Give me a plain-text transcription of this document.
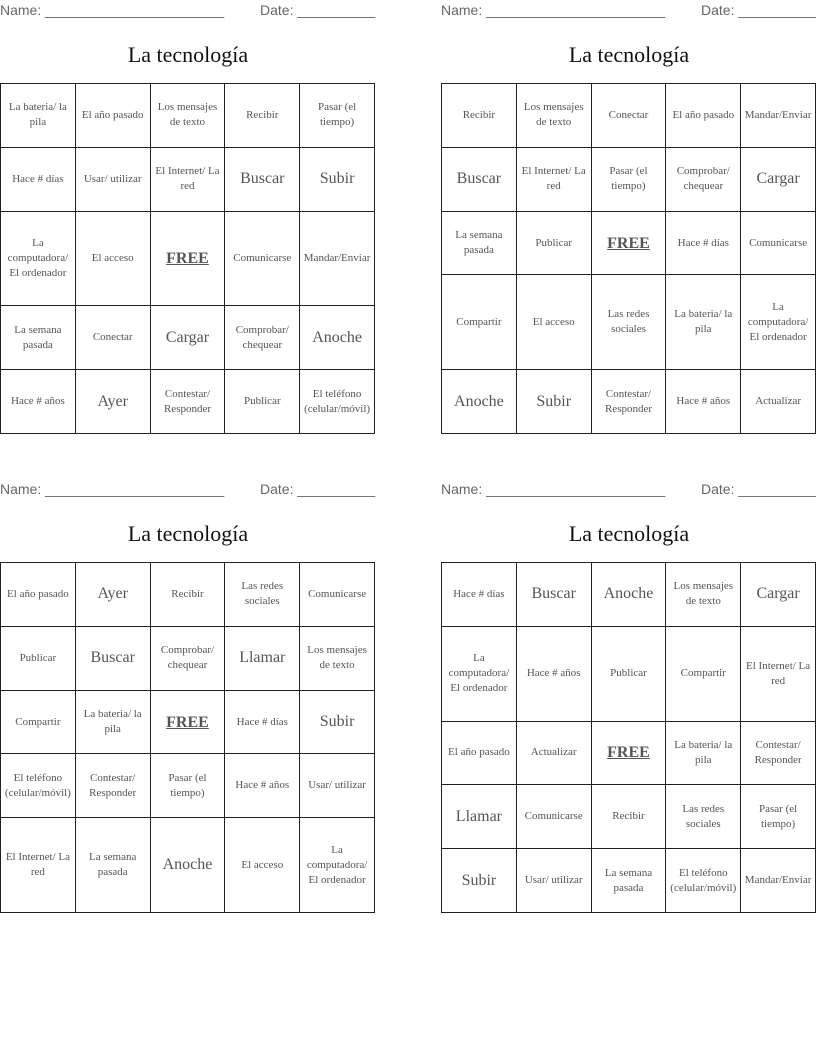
Name: _______________________	Date: __________
La tecnología
La bateria/ la pila	El año pasado	Los mensajes de texto	Recibir	Pasar (el tiempo)
Hace # días	Usar/ utilizar	El Internet/ La red	Buscar	Subir
La computadora/ El ordenador	El acceso	FREE	Comunicarse	Mandar/Enviar
La semana pasada	Conectar	Cargar	Comprobar/ chequear	Anoche
Hace # años	Ayer	Contestar/ Responder	Publicar	El teléfono (celular/móvil)
Name: _______________________	Date: __________
La tecnología
Recibir	Los mensajes de texto	Conectar	El año pasado	Mandar/Enviar
Buscar	El Internet/ La red	Pasar (el tiempo)	Comprobar/ chequear	Cargar
La semana pasada	Publicar	FREE	Hace # días	Comunicarse
Compartir	El acceso	Las redes sociales	La bateria/ la pila	La computadora/ El ordenador
Anoche	Subir	Contestar/ Responder	Hace # años	Actualizar
Name: _______________________	Date: __________
La tecnología
El año pasado	Ayer	Recibir	Las redes sociales	Comunicarse
Publicar	Buscar	Comprobar/ chequear	Llamar	Los mensajes de texto
Compartir	La bateria/ la pila	FREE	Hace # días	Subir
El teléfono (celular/móvil)	Contestar/ Responder	Pasar (el tiempo)	Hace # años	Usar/ utilizar
El Internet/ La red	La semana pasada	Anoche	El acceso	La computadora/ El ordenador
Name: _______________________	Date: __________
La tecnología
Hace # días	Buscar	Anoche	Los mensajes de texto	Cargar
La computadora/ El ordenador	Hace # años	Publicar	Compartir	El Internet/ La red
El año pasado	Actualizar	FREE	La bateria/ la pila	Contestar/ Responder
Llamar	Comunicarse	Recibir	Las redes sociales	Pasar (el tiempo)
Subir	Usar/ utilizar	La semana pasada	El teléfono (celular/móvil)	Mandar/Enviar
